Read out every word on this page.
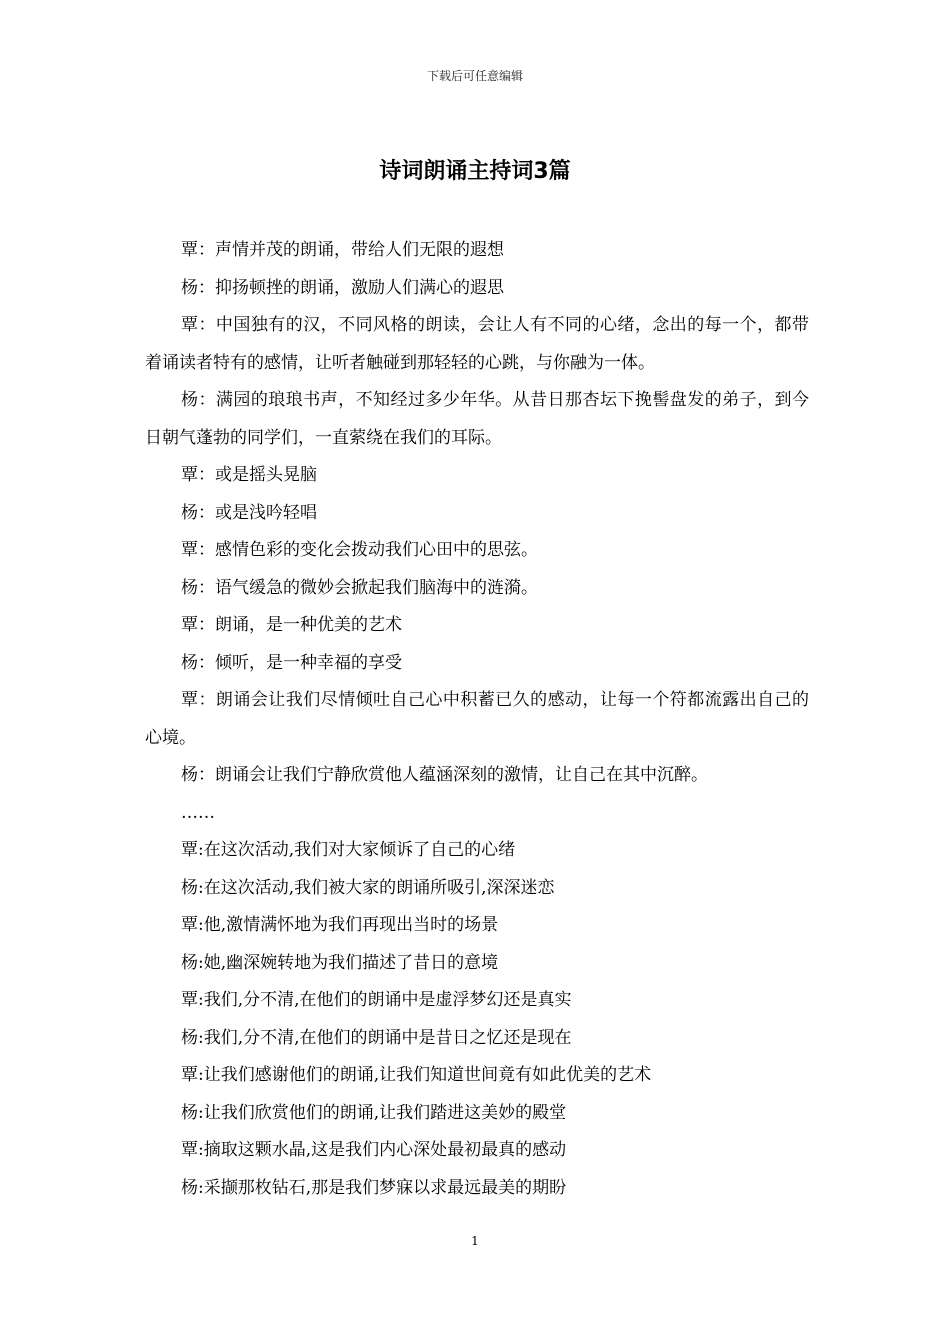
下载后可任意编辑
诗词朗诵主持词3篇

覃：声情并茂的朗诵，带给人们无限的遐想

杨：抑扬顿挫的朗诵，激励人们满心的遐思

覃：中国独有的汉，不同风格的朗读，会让人有不同的心绪，念出的每一个，都带着诵读者特有的感情，让听者触碰到那轻轻的心跳，与你融为一体。

杨：满园的琅琅书声，不知经过多少年华。从昔日那杏坛下挽髻盘发的弟子，到今日朝气蓬勃的同学们，一直萦绕在我们的耳际。

覃：或是摇头晃脑

杨：或是浅吟轻唱

覃：感情色彩的变化会拨动我们心田中的思弦。

杨：语气缓急的微妙会掀起我们脑海中的涟漪。

覃：朗诵，是一种优美的艺术

杨：倾听，是一种幸福的享受

覃：朗诵会让我们尽情倾吐自己心中积蓄已久的感动，让每一个符都流露出自己的心境。

杨：朗诵会让我们宁静欣赏他人蕴涵深刻的激情，让自己在其中沉醉。

……

覃:在这次活动,我们对大家倾诉了自己的心绪

杨:在这次活动,我们被大家的朗诵所吸引,深深迷恋

覃:他,激情满怀地为我们再现出当时的场景

杨:她,幽深婉转地为我们描述了昔日的意境

覃:我们,分不清,在他们的朗诵中是虚浮梦幻还是真实

杨:我们,分不清,在他们的朗诵中是昔日之忆还是现在

覃:让我们感谢他们的朗诵,让我们知道世间竟有如此优美的艺术

杨:让我们欣赏他们的朗诵,让我们踏进这美妙的殿堂

覃:摘取这颗水晶,这是我们内心深处最初最真的感动

杨:采撷那枚钻石,那是我们梦寐以求最远最美的期盼

1
